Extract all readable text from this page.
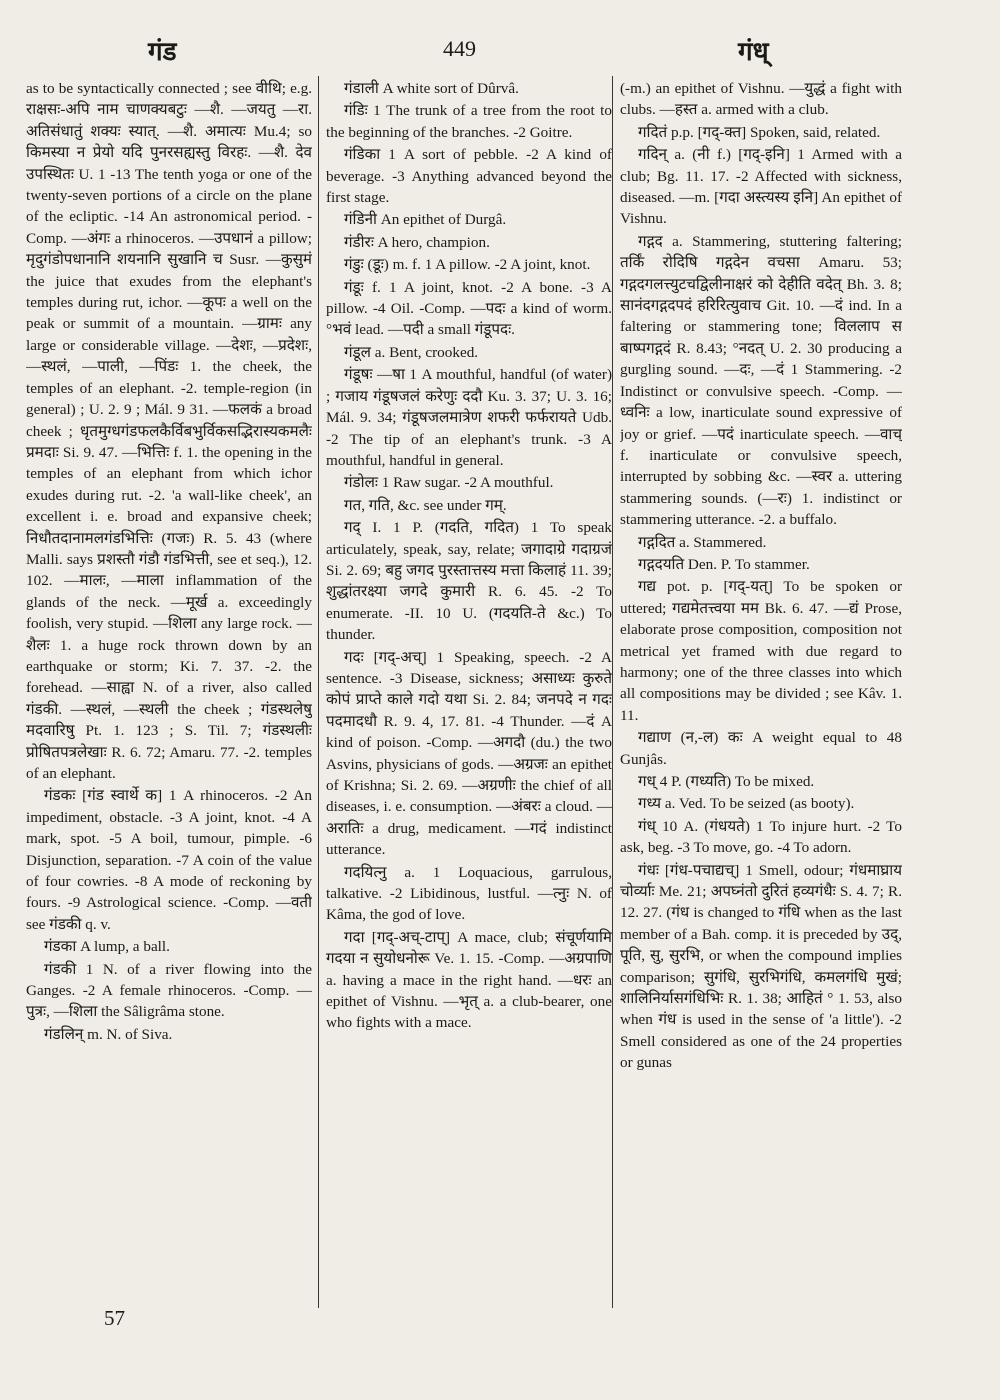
गंड	449	गंध्

as to be syntactically connected ; see वीथि; e.g. राक्षसः-अपि नाम चाणक्यबटुः —शै. —जयतु —रा. अतिसंधातुं शक्यः स्यात्. —शै. अमात्यः Mu.4; so किमस्या न प्रेयो यदि पुनरसह्यस्तु विरहः. —शै. देव उपस्थितः U. 1 -13 The tenth yoga or one of the twenty-seven portions of a circle on the plane of the ecliptic. -14 An astronomical period. -Comp. —अंगः a rhinoceros. —उपधानं a pillow; मृदुगंडोपधानानि शयनानि सुखानि च Susr. —कुसुमं the juice that exudes from the elephant's temples during rut, ichor. —कूपः a well on the peak or summit of a mountain. —ग्रामः any large or considerable village. —देशः, —प्रदेशः, —स्थलं, —पाली, —पिंडः 1. the cheek, the temples of an elephant. -2. temple-region (in general) ; U. 2. 9 ; Mál. 9 31. —फलकं a broad cheek ; धृतमुग्धगंडफलकैर्विबभुर्विकसद्भिरास्यकमलैः प्रमदाः Si. 9. 47. —भित्तिः f. 1. the opening in the temples of an elephant from which ichor exudes during rut. -2. 'a wall-like cheek', an excellent i. e. broad and expansive cheek; निधौतदानामलगंडभित्तिः (गजः) R. 5. 43 (where Malli. says प्रशस्तौ गंडौ गंडभित्ती, see et seq.), 12. 102. —मालः, —माला inflammation of the glands of the neck. —मूर्ख a. exceedingly foolish, very stupid. —शिला any large rock. —शैलः 1. a huge rock thrown down by an earthquake or storm; Ki. 7. 37. -2. the forehead. —साह्वा N. of a river, also called गंडकी. —स्थलं, —स्थली the cheek ; गंडस्थलेषु मदवारिषु Pt. 1. 123 ; S. Til. 7; गंडस्थलीः प्रोषितपत्रलेखाः R. 6. 72; Amaru. 77. -2. temples of an elephant.

गंडकः [गंड स्वार्थे क] 1 A rhinoceros. -2 An impediment, obstacle. -3 A joint, knot. -4 A mark, spot. -5 A boil, tumour, pimple. -6 Disjunction, separation. -7 A coin of the value of four cowries. -8 A mode of reckoning by fours. -9 Astrological science. -Comp. —वती see गंडकी q. v.

गंडका A lump, a ball.

गंडकी 1 N. of a river flowing into the Ganges. -2 A female rhinoceros. -Comp. —पुत्रः, —शिला the Sâligrâma stone.

गंडलिन् m. N. of Siva.

गंडाली A white sort of Dûrvâ.

गंडिः 1 The trunk of a tree from the root to the beginning of the branches. -2 Goitre.

गंडिका 1 A sort of pebble. -2 A kind of beverage. -3 Anything advanced beyond the first stage.

गंडिनी An epithet of Durgâ.

गंडीरः A hero, champion.

गंडुः (डूः) m. f. 1 A pillow. -2 A joint, knot.

गंडूः f. 1 A joint, knot. -2 A bone. -3 A pillow. -4 Oil. -Comp. —पदः a kind of worm. °भवं lead. —पदी a small गंडूपदः.

गंडूल a. Bent, crooked.

गंडूषः —षा 1 A mouthful, handful (of water) ; गजाय गंडूषजलं करेणुः ददौ Ku. 3. 37; U. 3. 16; Mál. 9. 34; गंडूषजलमात्रेण शफरी फर्फरायते Udb. -2 The tip of an elephant's trunk. -3 A mouthful, handful in general.

गंडोलः 1 Raw sugar. -2 A mouthful.

गत, गति, &c. see under गम्.

गद् I. 1 P. (गदति, गदित) 1 To speak articulately, speak, say, relate; जगादाग्रे गदाग्रजं Si. 2. 69; बहु जगद पुरस्तात्तस्य मत्ता किलाहं 11. 39; शुद्धांतरक्ष्या जगदे कुमारी R. 6. 45. -2 To enumerate. -II. 10 U. (गदयति-ते &c.) To thunder.

गदः [गद्-अच्] 1 Speaking, speech. -2 A sentence. -3 Disease, sickness; असाध्यः कुरुते कोपं प्राप्ते काले गदो यथा Si. 2. 84; जनपदे न गदः पदमादधौ R. 9. 4, 17. 81. -4 Thunder. —दं A kind of poison. -Comp. —अगदौ (du.) the two Asvins, physicians of gods. —अग्रजः an epithet of Krishna; Si. 2. 69. —अग्रणीः the chief of all diseases, i. e. consumption. —अंबरः a cloud. —अरातिः a drug, medicament. —गदं indistinct utterance.

गदयित्नु a. 1 Loquacious, garrulous, talkative. -2 Libidinous, lustful. —त्नुः N. of Kâma, the god of love.

गदा [गद्-अच्-टाप्] A mace, club; संचूर्णयामि गदया न सुयोधनोरू Ve. 1. 15. -Comp. —अग्रपाणि a. having a mace in the right hand. —धरः an epithet of Vishnu. —भृत् a. a club-bearer, one who fights with a mace.

(-m.) an epithet of Vishnu. —युद्धं a fight with clubs. —हस्त a. armed with a club.

गदितं p.p. [गद्-क्त] Spoken, said, related.

गदिन् a. (नी f.) [गद्-इनि] 1 Armed with a club; Bg. 11. 17. -2 Affected with sickness, diseased. —m. [गदा अस्त्यस्य इनि] An epithet of Vishnu.

गद्गद a. Stammering, stuttering faltering; तर्किं रोदिषि गद्गदेन वचसा Amaru. 53; गद्गदगलत्त्युटचद्विलीनाक्षरं को देहीति वदेत् Bh. 3. 8; सानंदगद्गदपदं हरिरित्युवाच Git. 10. —दं ind. In a faltering or stammering tone; विललाप स बाष्पगद्गदं R. 8.43; °नदत् U. 2. 30 producing a gurgling sound. —दः, —दं 1 Stammering. -2 Indistinct or convulsive speech. -Comp. —ध्वनिः a low, inarticulate sound expressive of joy or grief. —पदं inarticulate speech. —वाच् f. inarticulate or convulsive speech, interrupted by sobbing &c. —स्वर a. uttering stammering sounds. (—रः) 1. indistinct or stammering utterance. -2. a buffalo.

गद्गदित a. Stammered.

गद्गदयति Den. P. To stammer.

गद्य pot. p. [गद्-यत्] To be spoken or uttered; गद्यमेतत्त्वया मम Bk. 6. 47. —द्यं Prose, elaborate prose composition, composition not metrical yet framed with due regard to harmony; one of the three classes into which all compositions may be divided ; see Kâv. 1. 11.

गद्याण (न,-ल) कः A weight equal to 48 Gunjâs.

गध् 4 P. (गध्यति) To be mixed.

गध्य a. Ved. To be seized (as booty).

गंध् 10 A. (गंधयते) 1 To injure hurt. -2 To ask, beg. -3 To move, go. -4 To adorn.

गंधः [गंध-पचाद्यच्] 1 Smell, odour; गंधमाघ्राय चोर्व्याः Me. 21; अपघ्नंतो दुरितं हव्यगंधैः S. 4. 7; R. 12. 27. (गंध is changed to गंधि when as the last member of a Bah. comp. it is preceded by उद्, पूति, सु, सुरभि, or when the compound implies comparison; सुगंधि, सुरभिगंधि, कमलगंधि मुखं; शालिनिर्यासगंधिभिः R. 1. 38; आहितं ° 1. 53, also when गंध is used in the sense of 'a little'). -2 Smell considered as one of the 24 properties or gunas

57
